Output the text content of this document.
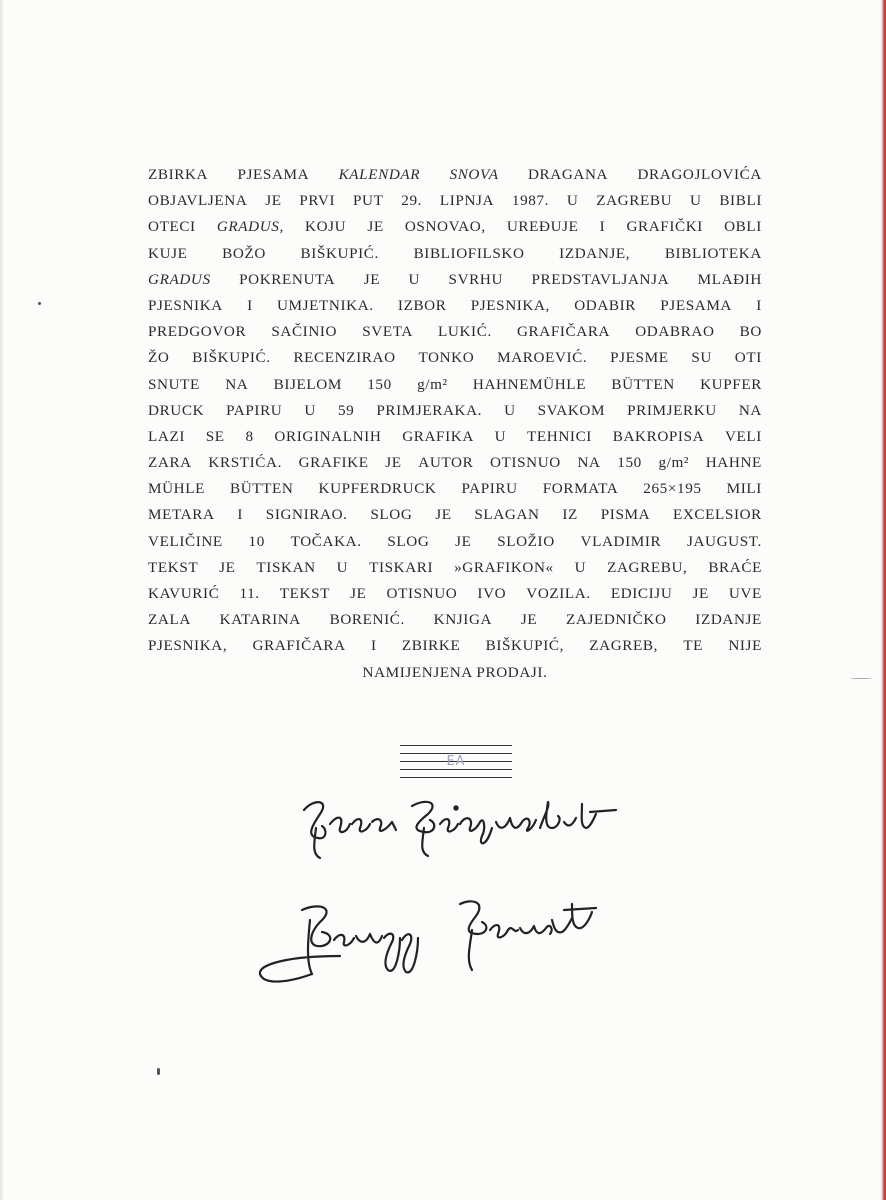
ZBIRKA PJESAMA KALENDAR SNOVA DRAGANA DRAGOJLOVIĆA
OBJAVLJENA JE PRVI PUT 29. LIPNJA 1987. U ZAGREBU U BIBLI
OTECI GRADUS, KOJU JE OSNOVAO, UREĐUJE I GRAFIČKI OBLI
KUJE BOŽO BIŠKUPIĆ. BIBLIOFILSKO IZDANJE, BIBLIOTEKA
GRADUS POKRENUTA JE U SVRHU PREDSTAVLJANJA MLAĐIH
PJESNIKA I UMJETNIKA. IZBOR PJESNIKA, ODABIR PJESAMA I
PREDGOVOR SAČINIO SVETA LUKIĆ. GRAFIČARA ODABRAO BO
ŽO BIŠKUPIĆ. RECENZIRAO TONKO MAROEVIĆ. PJESME SU OTI
SNUTE NA BIJELOM 150 g/m² HAHNEMÜHLE BÜTTEN KUPFER
DRUCK PAPIRU U 59 PRIMJERAKA. U SVAKOM PRIMJERKU NA
LAZI SE 8 ORIGINALNIH GRAFIKA U TEHNICI BAKROPISA VELI
ZARA KRSTIĆA. GRAFIKE JE AUTOR OTISNUO NA 150 g/m² HAHNE
MÜHLE BÜTTEN KUPFERDRUCK PAPIRU FORMATA 265×195 MILI
METARA I SIGNIRAO. SLOG JE SLAGAN IZ PISMA EXCELSIOR
VELIČINE 10 TOČAKA. SLOG JE SLOŽIO VLADIMIR JAUGUST.
TEKST JE TISKAN U TISKARI »GRAFIKON« U ZAGREBU, BRAĆE
KAVURIĆ 11. TEKST JE OTISNUO IVO VOZILA. EDICIJU JE UVE
ZALA KATARINA BORENIĆ. KNJIGA JE ZAJEDNIČKO IZDANJE
PJESNIKA, GRAFIČARA I ZBIRKE BIŠKUPIĆ, ZAGREB, TE NIJE
NAMIJENJENA PRODAJI.
EA
